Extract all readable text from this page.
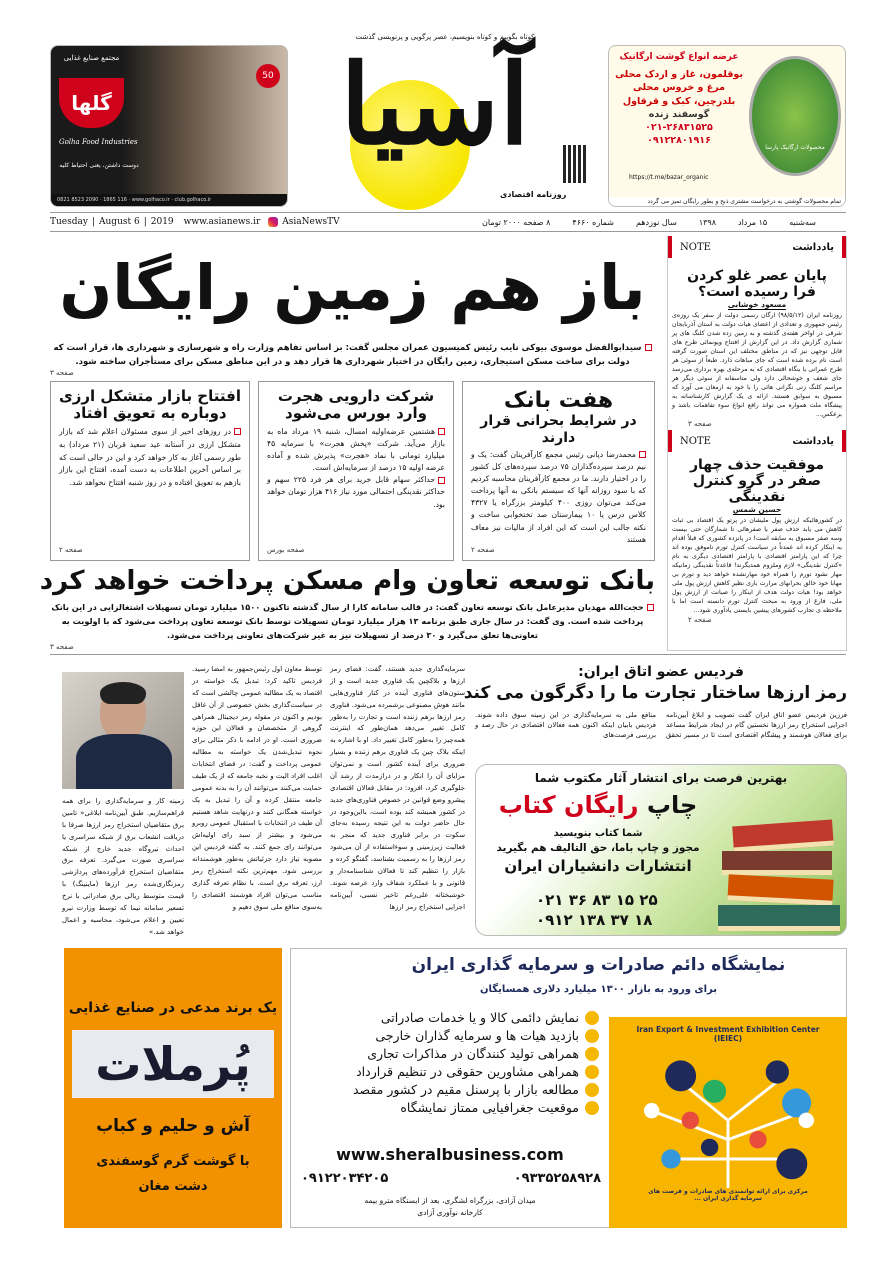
مجتمع صنایع غذایی
گلها
Golha Food Industries
50
دوست داشتن، یعنی احتیاط کلیه
0821 8523 2090 · 1865 116 · www.golhaco.ir · club.golhaco.ir
کوتاه بگوییم و کوتاه بنویسیم، عصر پرگویی و پرنویسی گذشت
آسیا
روزنامه اقتصادی
عرضه انواع گوشت ارگانیک
بوقلمون، غاز و اردک محلی
مرغ و خروس محلی
بلدرچین، کبک و قرقاول
گوسفند زنده
۰۲۱-۲۶۸۳۱۵۲۵
۰۹۱۲۲۸۰۱۹۱۶
https://t.me/bazar_organic
محصولات ارگانیک پارسا
تمام محصولات گوشتی به درخواست مشتری ذبح و بطور رایگان تمیز می گردد
Tuesday	| August 6	| 2019 www.asianews.ir AsiaNewsTV	سه‌شنبه
۱۵ مرداد
۱۳۹۸
سال نوزدهم
شماره ۴۶۶۰
۸ صفحه ۲۰۰۰ تومان
باز هم زمین رایگان
سیدابوالفضل موسوی بیوکی نایب رئیس کمیسیون عمران مجلس گفت: بر اساس تفاهم وزارت راه و شهرسازی و شهرداری ها، قرار است که دولت برای ساخت مسکن استیجاری، زمین رایگان در اختیار شهرداری ها قرار دهد و در این مناطق مسکن برای مستأجران ساخته شود.
صفحه ۳
هفت بانک
در شرایط بحرانی قرار دارند
محمدرضا دیانی رئیس مجمع کارآفرینان گفت: یک و نیم درصد سپرده‌گذاران ۷۵ درصد سپرده‌های کل کشور را در اختیار دارند. ما در مجمع کارآفرینان محاسبه کردیم که با سود روزانه آنها که سیستم بانکی به آنها پرداخت می‌کند می‌توان روزی ۴۰۰ کیلومتر بزرگراه یا ۴۳۲۷ کلاس درس یا ۱۰ بیمارستان صد تختخوابی ساخت و نکته جالب این است که این افراد از مالیات نیز معاف هستند
صفحه ۲
شرکت دارویی هجرت
وارد بورس می‌شود
هشتمین عرضه‌اولیه امسال، شنبه ۱۹ مرداد ماه به بازار می‌آید. شرکت «پخش هجرت» با سرمایه ۴۵ میلیارد تومانی با نماد «هجرت» پذیرش شده و آماده عرضه اولیه ۱۵ درصد از سرمایه‌اش است.
حداکثر سهام قابل خرید برای هر فرد ۲۲۵ سهم و حداکثر نقدینگی احتمالی مورد نیاز ۴۱۶ هزار تومان خواهد بود.
صفحه بورس
افتتاح بازار متشکل ارزی
دوباره به تعویق افتاد
در روزهای اخیر از سوی مسئولان اعلام شد که بازار متشکل ارزی در آستانه عید سعید قربان (۲۱ مرداد) به طور رسمی آغاز به کار خواهد کرد و این در حالی است که بر اساس آخرین اطلاعات به دست آمده، افتتاح این بازار بازهم به تعویق افتاده و در روز شنبه افتتاح نخواهد شد.
صفحه ۲
بانک توسعه تعاون وام مسکن پرداخت خواهد کرد
حجت‌الله مهدیان مدیرعامل بانک توسعه تعاون گفت: در قالب سامانه کارا از سال گذشته تاکنون ۱۵۰۰ میلیارد تومان تسهیلات اشتغالزایی در این بانک پرداخت شده است. وی گفت: در سال جاری طبق برنامه ۱۳ هزار میلیارد تومان تسهیلات توسط بانک توسعه تعاون پرداخت می‌شود که با اولویت به تعاونی‌ها تعلق می‌گیرد و ۳۰ درصد از تسهیلات نیز به غیر شرکت‌های تعاونی پرداخت می‌شود.
صفحه ۳
یادداشت
NOTE
پایان عصر غلو کردن فرا رسیده است؟
مسعود خوشابی
روزنامه ایران (۹۸/۵/۱۲) ارگان رسمی دولت از سفر یک روزه‌ی رئیس جمهوری و تعدادی از اعضای هیات دولت به استان آذربایجان شرقی در اواخر هفته‌ی گذشته و به زمین زده شدن کلنگ های پر شماری گزارش داد. در این گزارش از افتتاح ویونمائی طرح های قابل توجهی نیز که در مناطق مختلف این استان صورت گرفته است نام برده شده است که جای مباهات دارد. طبعاً از سوئی هر طرح عمرانی یا بنگاه اقتصادی که به مرحله‌ی بهره برداری می‌رسد جای شعف و خوشحالی دارد ولی متاسفانه از سوئی دیگر هر مراسم کلنگ زنی نگرانی هائی را با خود به ارمغان می آورد که مسبوق به سوابق هستند. ارائه ی یک گزارش کارشناسانه به پیشگاه ملت همواره می تواند رافع انواع سوء تفاهمات باشد و برعکس...
صفحه ۳
یادداشت
NOTE
موفقیت حذف چهار صفر در گرو کنترل نقدینگی
حسین شمس
در کشورهائیکه ارزش پول ملیشان در پرتو یک اقتصاد بی ثبات کاهش می یابد حذف صفر یا صفرهائی تا شمارگان حتی بیست وسه صفر مسبوق به سابقه است! در پانزده کشوری که قبلاً اقدام به اینکار کرده اند عمدتاً در سیاست کنترل تورم ناموفق بوده اند چرا که این پارامتر اقتصادی با پارامتر اقتصادی دیگری به نام «کنترل نقدینگی» لازم وملزوم همدیگرند! قاعدتاً نقدینگی زمانیکه مهار نشود تورم را همراه خود مهارنشده خواهد دید و تورم بی مهابا خود خالق بحرانهای مرارت باری نظیر کاهش ارزش پول ملی خواهد بود! هیات دولت هدف از اینکار را صیانت از ارزش پول ملی، فارغ از ورود به مبحث کنترل تورم دانسته است اما با ملاحظه ی تجارب کشورهای پیشین بایستی یادآوری شود...
صفحه ۲
فردیس عضو اتاق ایران:
رمز ارزها ساختار تجارت ما را دگرگون می کند
فرزین فردیس عضو اتاق ایران گفت تصویب و ابلاغ آیین‌نامه اجرایی استخراج رمز ارزها نخستین گام در ایجاد شرایط مساعد برای فعالان هوشمند و پیشگام اقتصادی است تا در مسیر تحقق منافع ملی به سرمایه‌گذاری در این زمینه سوق داده شوند. فردیس بابیان اینکه اکنون همه فعالان اقتصادی در حال رصد و بررسی فرصت‌های
زمینه کار و سرمایه‌گذاری را برای همه فراهم‌سازیم. طبق آیین‌نامه ابلاغی« تامین برق متقاضیان استخراج رمز ارزها صرفا با دریافت انشعاب برق از شبکه سراسری یا احداث نیروگاه جدید خارج از شبکه سراسری صورت می‌گیرد. تعرفه برق متقاضیان استخراج فرآورده‌های پردازشی رمزنگاری‌شده رمز ارزها (ماینینگ) با قیمت متوسط ریالی برق صادراتی با نرخ تسعیر سامانه نیما که توسط وزارت نیرو تعیین و اعلام می‌شود، محاسبه و اعمال خواهد شد.»
توسط معاون اول رئیس‌جمهور به امضا رسید. فردیس تاکید کرد: تبدیل یک خواسته در اقتصاد به یک مطالبه عمومی چالشی است که در سیاست‌گذاری بخش خصوصی از آن غافل بودیم و اکنون در مقوله رمز دیجیتال همراهی گروهی از متخصصان و فعالان این حوزه ضروری است. او در ادامه با ذکر مثالی برای نحوه تبدیل‌شدن یک خواسته به مطالبه عمومی پرداخت و گفت: در فضای انتخابات اغلب افراد الیت و نخبه جامعه که از یک طیف حمایت می‌کنند می‌توانند آن را به بدنه عمومی جامعه منتقل کرده و آن را تبدیل به یک خواسته همگانی کنند و درنهایت شاهد هستیم آن طیف در انتخابات با استقبال عمومی روبرو می‌شود و بیشتر از سبد رای اولیه‌اش می‌توانند رای جمع کنند. به گفته فردیس این مصوبه نیاز دارد جزئیاتش به‌طور هوشمندانه بررسی شود. مهم‌ترین نکته استخراج رمز ارز، تعرفه برق است. با نظام تعرفه گذاری مناسب می‌توان افراد هوشمند اقتصادی را به‌سوی منافع ملی سوق دهیم و
سرمایه‌گذاری جدید هستند، گفت: فضای رمز ارزها و بلاکچین یک فناوری جدید است و از ستون‌های فناوری آینده در کنار فناوری‌هایی مانند هوش مصنوعی برشمرده می‌شود. فناوری رمز ارزها برهم زننده است و تجارت را به‌طور کامل تغییر می‌دهد همان‌طور که اینترنت همه‌چیز را به‌طور کامل تغییر داد. او با اشاره به اینکه بلاک چین یک فناوری برهم زننده و بسیار ضروری برای آینده کشور است و نمی‌توان مزایای آن را انکار و در درازمدت از رشد آن جلوگیری کرد، افزود: در مقابل فعالان اقتصادی پیشرو وضع قوانین در خصوص فناوری‌های جدید در کشور همیشه کند بوده است، بااین‌وجود در حال حاضر دولت به این نتیجه رسیده به‌جای سکوت در برابر فناوری جدید که منجر به فعالیت زیرزمینی و سوءاستفاده از آن می‌شود رمز ارزها را به رسمیت بشناسد، گفتگو کرده و بازار را تنظیم کند تا فعالان شناسنامه‌دار و قانونی و با عملکرد شفاف وارد عرصه شوند. خوشبختانه علی‌رغم تاخیر نسبی، آیین‌نامه اجرایی استخراج رمز ارزها
بهترین فرصت برای انتشار آثار مکتوب شما
چاپ رایگان کتاب
شما کتاب بنویسید
مجوز و چاپ باما، حق التالیف هم بگیرید
انتشارات دانشیاران ایران
۰۲۱ ۳۶ ۸۳ ۱۵ ۲۵
۰۹۱۲ ۱۳۸ ۳۷ ۱۸
یک برند مدعی در صنایع غذایی
پُرملات
آش و حلیم و کباب
با گوشت گرم گوسفندی
دشت مغان
نمایشگاه دائم صادرات و سرمایه گذاری ایران
برای ورود به بازار ۱۳۰۰ میلیارد دلاری همسایگان
نمایش دائمی کالا و یا خدمات صادراتی
بازدید هیات ها و سرمایه گذاران خارجی
همراهی تولید کنندگان در مذاکرات تجاری
همراهی مشاورین حقوقی در تنظیم قرارداد
مطالعه بازار با پرسنل مقیم در کشور مقصد
موقعیت جغرافیایی ممتاز نمایشگاه
www.sheralbusiness.com
۰۹۱۲۲۰۳۴۲۰۵	۰۹۳۳۵۲۵۸۹۲۸
میدان آزادی، بزرگراه لشگری، بعد از ایستگاه مترو بیمه
کارخانه نوآوری آزادی
Iran Export & Investment Exhibition Center
(IEIEC)
مرکزی برای ارائه توانمندی های صادرات و فرصت های سرمایه گذاری ایران ...
